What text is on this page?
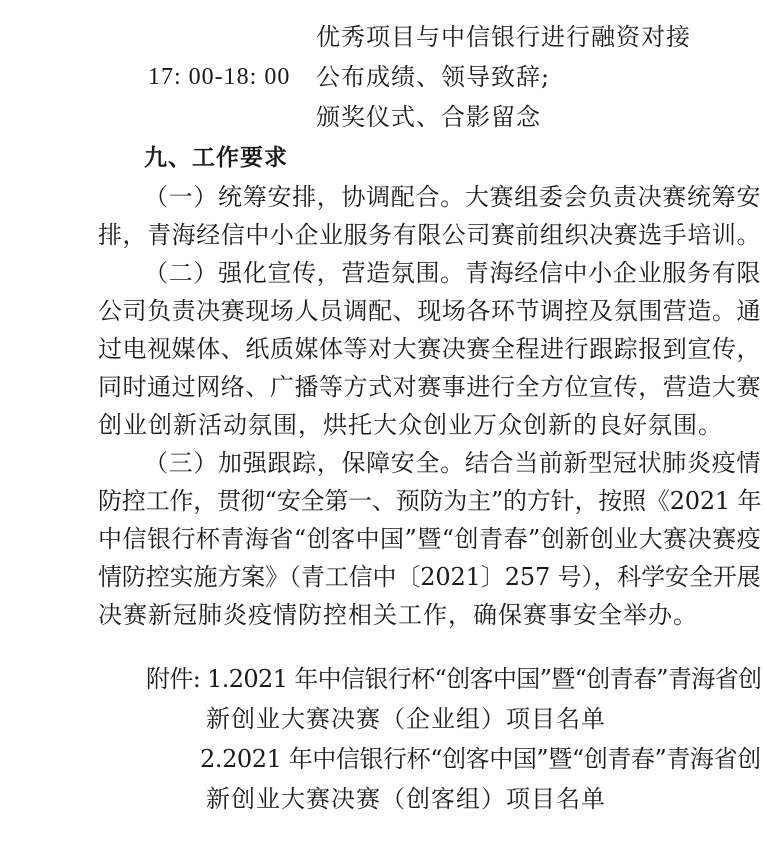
优秀项目与中信银行进行融资对接
17: 00-18: 00 公布成绩、领导致辞;
颁奖仪式、合影留念
九、工作要求
（一）统筹安排，协调配合。大赛组委会负责决赛统筹安
排，青海经信中小企业服务有限公司赛前组织决赛选手培训。
（二）强化宣传，营造氛围。青海经信中小企业服务有限
公司负责决赛现场人员调配、现场各环节调控及氛围营造。通
过电视媒体、纸质媒体等对大赛决赛全程进行跟踪报到宣传，
同时通过网络、广播等方式对赛事进行全方位宣传，营造大赛
创业创新活动氛围，烘托大众创业万众创新的良好氛围。
（三）加强跟踪，保障安全。结合当前新型冠状肺炎疫情
防控工作，贯彻“安全第一、预防为主”的方针，按照《2021 年
中信银行杯青海省“创客中国”暨“创青春”创新创业大赛决赛疫
情防控实施方案》（青工信中〔2021〕257 号），科学安全开展
决赛新冠肺炎疫情防控相关工作，确保赛事安全举办。
附件: 1.2021 年中信银行杯“创客中国”暨“创青春”青海省创
新创业大赛决赛（企业组）项目名单
2.2021 年中信银行杯“创客中国”暨“创青春”青海省创
新创业大赛决赛（创客组）项目名单
